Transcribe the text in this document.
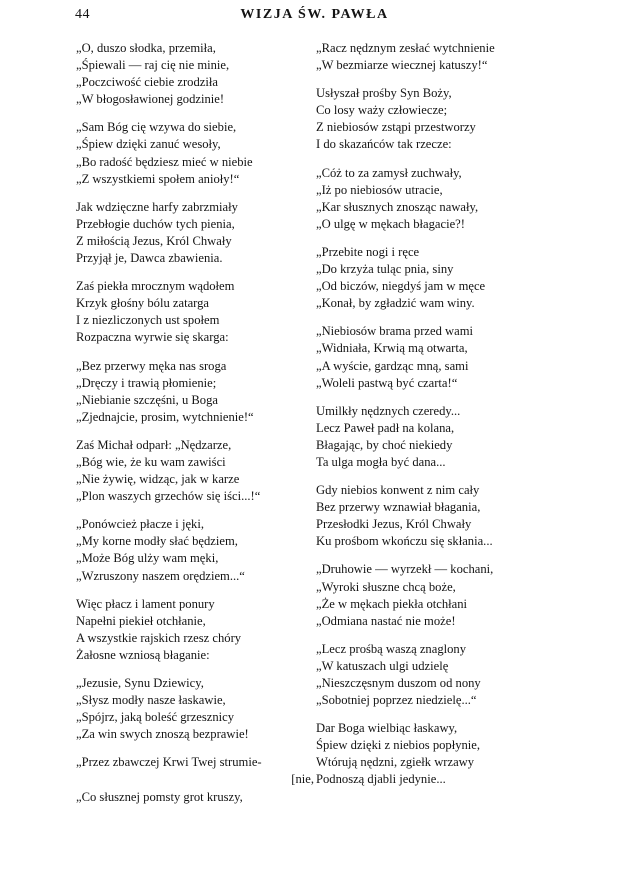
44	WIZJA ŚW. PAWŁA
„O, duszo słodka, przemiła,
„Śpiewali — raj cię nie minie,
„Poczciwość ciebie zrodziła
„W błogosławionej godzinie!
„Sam Bóg cię wzywa do siebie,
„Śpiew dzięki zanuć wesoły,
„Bo radość będziesz mieć w niebie
„Z wszystkiemi społem anioły!“
Jak wdzięczne harfy zabrzmiały
Przebłogie duchów tych pienia,
Z miłością Jezus, Król Chwały
Przyjął je, Dawca zbawienia.
Zaś piekła mrocznym wądołem
Krzyk głośny bólu zatarga
I z niezliczonych ust społem
Rozpaczna wyrwie się skarga:
„Bez przerwy męka nas sroga
„Dręczy i trawią płomienie;
„Niebianie szczęśni, u Boga
„Zjednajcie, prosim, wytchnienie!“
Zaś Michał odparł: „Nędzarze,
„Bóg wie, że ku wam zawiści
„Nie żywię, widząc, jak w karze
„Plon waszych grzechów się iści...!“
„Ponówcież płacze i jęki,
„My korne modły słać będziem,
„Może Bóg ulży wam męki,
„Wzruszony naszem orędziem...“
Więc płacz i lament ponury
Napełni piekieł otchłanie,
A wszystkie rajskich rzesz chóry
Żałosne wzniosą błaganie:
„Jezusie, Synu Dziewicy,
„Słysz modły nasze łaskawie,
„Spójrz, jaką boleść grzesznicy
„Za win swych znoszą bezprawie!
„Przez zbawczej Krwi Twej strumie-
[nie,
„Co słusznej pomsty grot kruszy,
„Racz nędznym zesłać wytchnienie
„W bezmiarze wiecznej katuszy!“
Usłyszał prośby Syn Boży,
Co losy waży człowiecze;
Z niebiosów zstąpi przestworzy
I do skazańców tak rzecze:
„Cóż to za zamysł zuchwały,
„Iż po niebiosów utracie,
„Kar słusznych znosząc nawały,
„O ulgę w mękach błagacie?!
„Przebite nogi i ręce
„Do krzyża tuląc pnia, siny
„Od biczów, niegdyś jam w męce
„Konał, by zgładzić wam winy.
„Niebiosów brama przed wami
„Widniała, Krwią mą otwarta,
„A wyście, gardząc mną, sami
„Woleli pastwą być czarta!“
Umilkły nędznych czeredy...
Lecz Paweł padł na kolana,
Błagając, by choć niekiedy
Ta ulga mogła być dana...
Gdy niebios konwent z nim cały
Bez przerwy wznawiał błagania,
Przesłodki Jezus, Król Chwały
Ku prośbom wkończu się skłania...
„Druhowie — wyrzekł — kochani,
„Wyroki słuszne chcą boże,
„Że w mękach piekła otchłani
„Odmiana nastać nie może!
„Lecz prośbą waszą znaglony
„W katuszach ulgi udzielę
„Nieszczęsnym duszom od nony
„Sobotniej poprzez niedzielę...“
Dar Boga wielbiąc łaskawy,
Śpiew dzięki z niebios popłynie,
Wtórują nędzni, zgiełk wrzawy
Podnoszą djabli jedynie...
